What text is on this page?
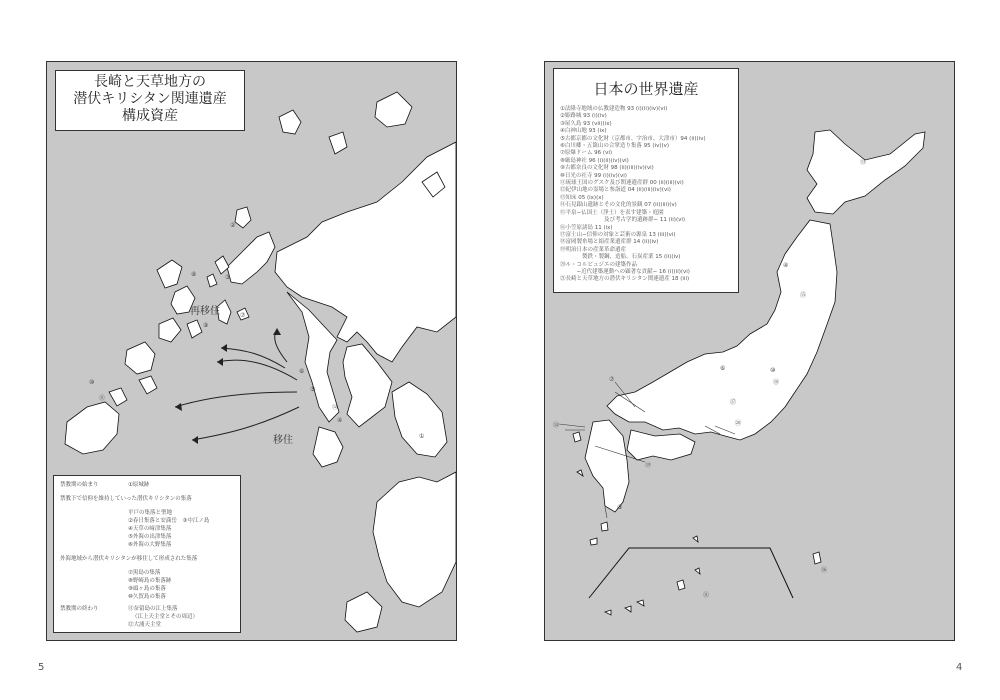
長崎と天草地方の
潜伏キリシタン関連遺産
構成資産
再移住
移住
②
③
⑧
⑨
⑦
⑤
⑥
⑫
⑩
⑪
①
④
禁教期の始まり	①原城跡
禁教下で信仰を維持していった潜伏キリシタンの集落
平戸の集落と聖地
②春日集落と安満岳　③中江ノ島
④天草の﨑津集落
⑤外海の出津集落
⑥外海の大野集落
外海地域から潜伏キリシタンが移住して形成された集落
⑦黒島の集落
⑧野崎島の集落跡
⑨頭ヶ島の集落
⑩久賀島の集落
禁教期の終わり	⑪奈留島の江上集落
（江上天主堂とその周辺）
⑫大浦天主堂
日本の世界遺産
①法隆寺地域の仏教建造物 93 (i)(ii)(iv)(vi)
②姫路城 93 (i)(iv)
③屋久島 93 (vii)(ix)
④白神山地 93 (ix)
⑤古都京都の文化財（京都市、宇治市、大津市）94 (ii)(iv)
⑥白川郷・五箇山の合掌造り集落 95 (iv)(v)
⑦原爆ドーム 96 (vi)
⑧厳島神社 96 (i)(ii)(iv)(vi)
⑨古都奈良の文化財 98 (ii)(iii)(iv)(vi)
⑩日光の社寺 99 (i)(iv)(vi)
⑪琉球王国のグスク及び関連遺産群 00 (ii)(iii)(vi)
⑫紀伊山地の霊場と参詣道 04 (ii)(iii)(iv)(vi)
⑬知床 05 (ix)(x)
⑭石見銀山遺跡とその文化的景観 07 (ii)(iii)(v)
⑮平泉−仏国土（浄土）を表す建築・庭園
　　　　　　　　及び考古学的遺跡群− 11 (ii)(vi)
⑯小笠原諸島 11 (ix)
⑰富士山−信仰の対象と芸術の源泉 13 (iii)(vi)
⑱富岡製糸場と絹産業遺産群 14 (ii)(iv)
⑲明治日本の産業革命遺産
　　　　製鉄・製鋼、造船、石炭産業 15 (ii)(iv)
⑳ル・コルビュジエの建築作品
　　　−近代建築運動への顕著な貢献− 16 (i)(ii)(vi)
㉑長崎と天草地方の潜伏キリシタン関連遺産 18 (iii)
⑬
④
⑮
⑩
⑱
⑥
⑰
⑳
⑭
⑦
⑲
③
⑪
⑯
5	4
